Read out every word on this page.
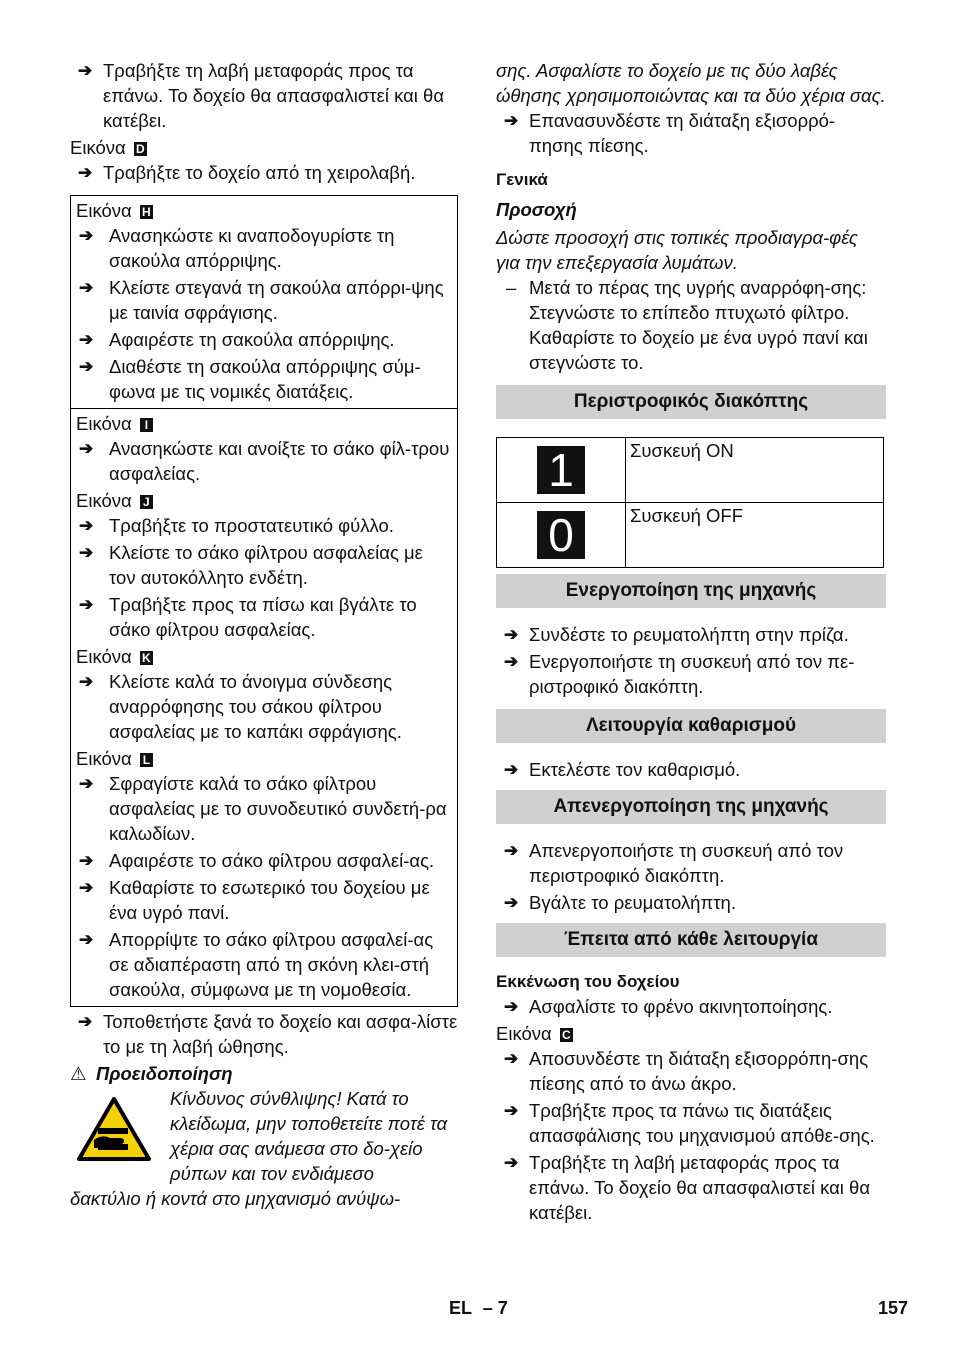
➔ Τραβήξτε τη λαβή μεταφοράς προς τα επάνω. Το δοχείο θα απασφαλιστεί και θα κατέβει.
Εικόνα D
➔ Τραβήξτε το δοχείο από τη χειρολαβή.
Εικόνα H
➔ Ανασηκώστε κι αναποδογυρίστε τη σακούλα απόρριψης.
➔ Κλείστε στεγανά τη σακούλα απόρρι-ψης με ταινία σφράγισης.
➔ Αφαιρέστε τη σακούλα απόρριψης.
➔ Διαθέστε τη σακούλα απόρριψης σύμ-φωνα με τις νομικές διατάξεις.
Εικόνα I
➔ Ανασηκώστε και ανοίξτε το σάκο φίλ-τρου ασφαλείας.
Εικόνα J
➔ Τραβήξτε το προστατευτικό φύλλο.
➔ Κλείστε το σάκο φίλτρου ασφαλείας με τον αυτοκόλλητο ενδέτη.
➔ Τραβήξτε προς τα πίσω και βγάλτε το σάκο φίλτρου ασφαλείας.
Εικόνα K
➔ Κλείστε καλά το άνοιγμα σύνδεσης αναρρόφησης του σάκου φίλτρου ασφαλείας με το καπάκι σφράγισης.
Εικόνα L
➔ Σφραγίστε καλά το σάκο φίλτρου ασφαλείας με το συνοδευτικό συνδετή-ρα καλωδίων.
➔ Αφαιρέστε το σάκο φίλτρου ασφαλεί-ας.
➔ Καθαρίστε το εσωτερικό του δοχείου με ένα υγρό πανί.
➔ Απορρίψτε το σάκο φίλτρου ασφαλεί-ας σε αδιαπέραστη από τη σκόνη κλει-στή σακούλα, σύμφωνα με τη νομοθεσία.
➔ Τοποθετήστε ξανά το δοχείο και ασφα-λίστε το με τη λαβή ώθησης.
⚠ Προειδοποίηση
Κίνδυνος σύνθλιψης! Κατά το κλείδωμα, μην τοποθετείτε ποτέ τα χέρια σας ανάμεσα στο δο-χείο ρύπων και τον ενδιάμεσο
δακτύλιο ή κοντά στο μηχανισμό ανύψω-
σης. Ασφαλίστε το δοχείο με τις δύο λαβές ώθησης χρησιμοποιώντας και τα δύο χέρια σας.
➔ Επανασυνδέστε τη διάταξη εξισορρό-πησης πίεσης.
Γενικά
Προσοχή
Δώστε προσοχή στις τοπικές προδιαγρα-φές για την επεξεργασία λυμάτων.
– Μετά το πέρας της υγρής αναρρόφη-σης: Στεγνώστε το επίπεδο πτυχωτό φίλτρο. Καθαρίστε το δοχείο με ένα υγρό πανί και στεγνώστε το.
Περιστροφικός διακόπτης
1	Συσκευή ON
0	Συσκευή OFF
Ενεργοποίηση της μηχανής
➔ Συνδέστε το ρευματολήπτη στην πρίζα.
➔ Ενεργοποιήστε τη συσκευή από τον πε-ριστροφικό διακόπτη.
Λειτουργία καθαρισμού
➔ Εκτελέστε τον καθαρισμό.
Απενεργοποίηση της μηχανής
➔ Απενεργοποιήστε τη συσκευή από τον περιστροφικό διακόπτη.
➔ Βγάλτε το ρευματολήπτη.
Έπειτα από κάθε λειτουργία
Εκκένωση του δοχείου
➔ Ασφαλίστε το φρένο ακινητοποίησης.
Εικόνα C
➔ Αποσυνδέστε τη διάταξη εξισορρόπη-σης πίεσης από το άνω άκρο.
➔ Τραβήξτε προς τα πάνω τις διατάξεις απασφάλισης του μηχανισμού απόθε-σης.
➔ Τραβήξτε τη λαβή μεταφοράς προς τα επάνω. Το δοχείο θα απασφαλιστεί και θα κατέβει.
EL – 7	157
